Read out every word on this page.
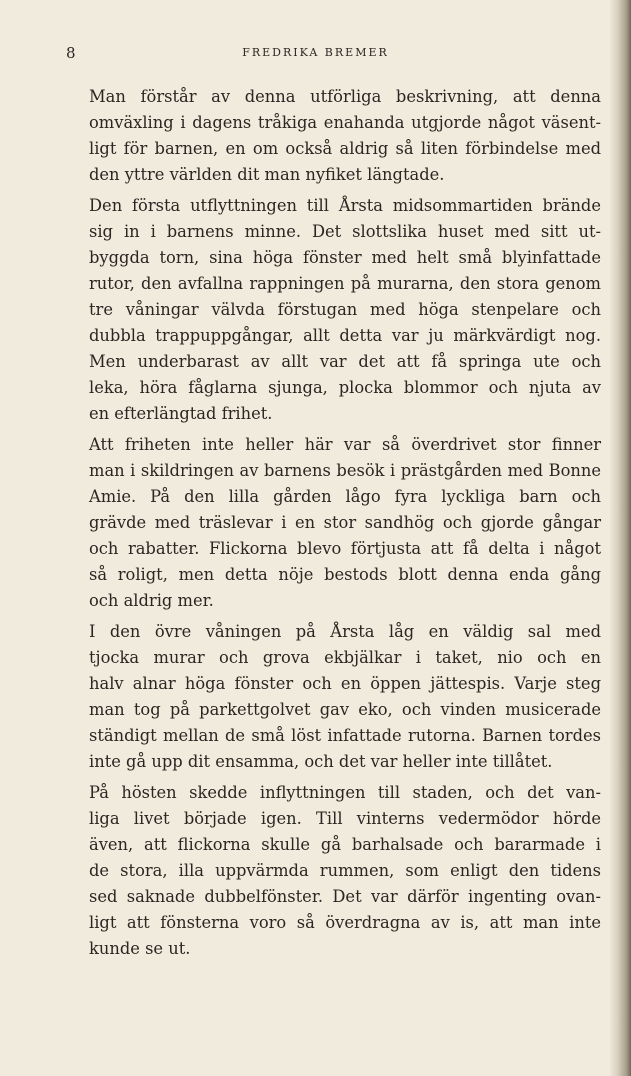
8	FREDRIKA BREMER

Man förstår av denna utförliga beskrivning, att denna
omväxling i dagens tråkiga enahanda utgjorde något väsent-
ligt för barnen, en om också aldrig så liten förbindelse med
den yttre världen dit man nyfiket längtade.

Den första utflyttningen till Årsta midsommartiden brände
sig in i barnens minne. Det slottslika huset med sitt ut-
byggda torn, sina höga fönster med helt små blyinfattade
rutor, den avfallna rappningen på murarna, den stora genom
tre våningar välvda förstugan med höga stenpelare och
dubbla trappuppgångar, allt detta var ju märkvärdigt nog.
Men underbarast av allt var det att få springa ute och
leka, höra fåglarna sjunga, plocka blommor och njuta av
en efterlängtad frihet.

Att friheten inte heller här var så överdrivet stor finner
man i skildringen av barnens besök i prästgården med Bonne
Amie. På den lilla gården lågo fyra lyckliga barn och
grävde med träslevar i en stor sandhög och gjorde gångar
och rabatter. Flickorna blevo förtjusta att få delta i något
så roligt, men detta nöje bestods blott denna enda gång
och aldrig mer.

I den övre våningen på Årsta låg en väldig sal med
tjocka murar och grova ekbjälkar i taket, nio och en
halv alnar höga fönster och en öppen jättespis. Varje steg
man tog på parkettgolvet gav eko, och vinden musicerade
ständigt mellan de små löst infattade rutorna. Barnen tordes
inte gå upp dit ensamma, och det var heller inte tillåtet.

På hösten skedde inflyttningen till staden, och det van-
liga livet började igen. Till vinterns vedermödor hörde
även, att flickorna skulle gå barhalsade och bararmade i
de stora, illa uppvärmda rummen, som enligt den tidens
sed saknade dubbelfönster. Det var därför ingenting ovan-
ligt att fönsterna voro så överdragna av is, att man inte
kunde se ut.
